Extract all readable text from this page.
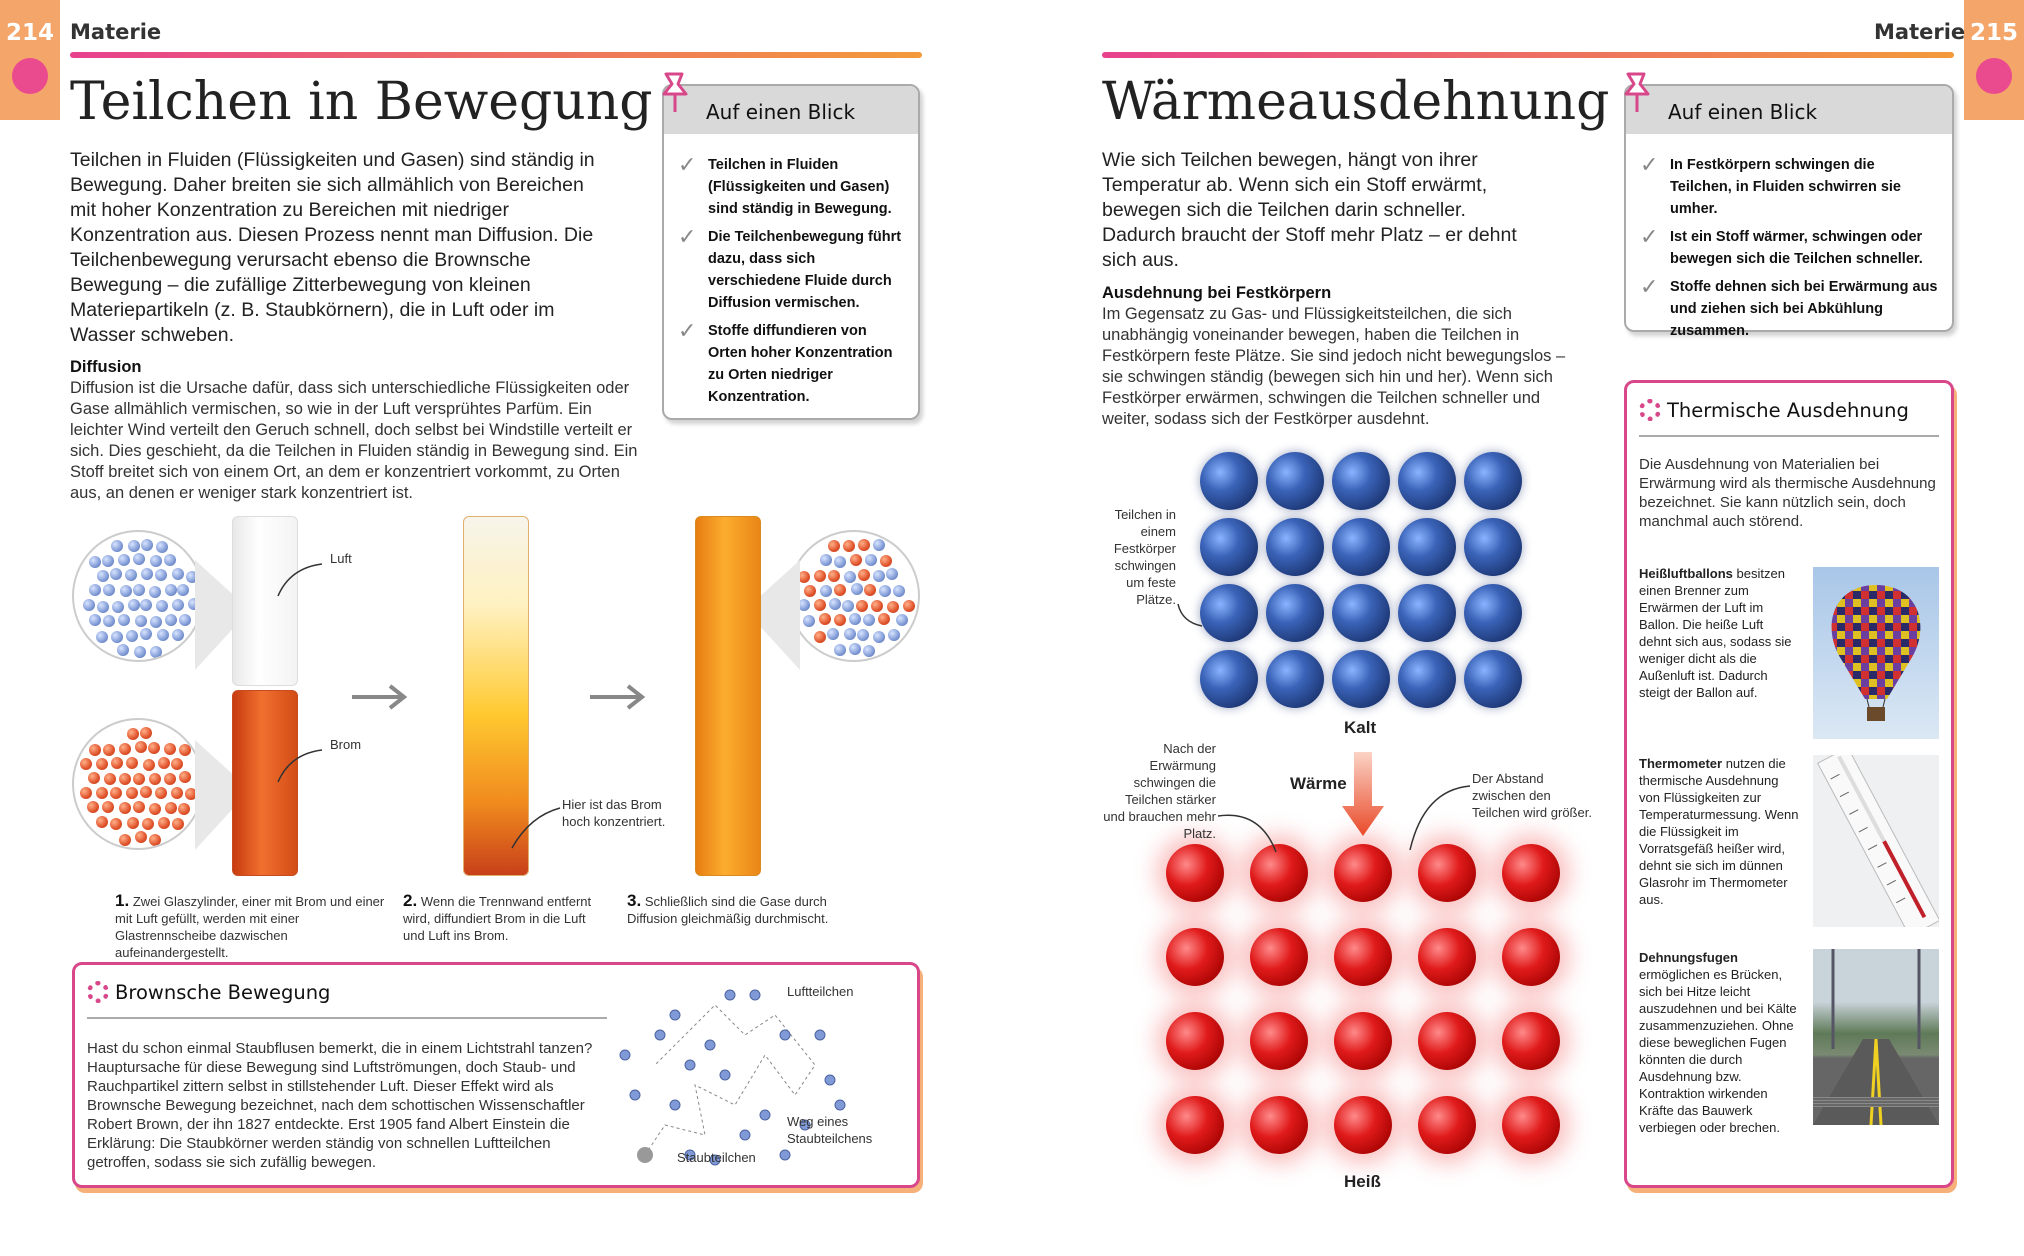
214 Materie
Teilchen in Bewegung
Teilchen in Fluiden (Flüssigkeiten und Gasen) sind ständig in Bewegung. Daher breiten sie sich allmählich von Bereichen mit hoher Konzentration zu Bereichen mit niedriger Konzentration aus. Diesen Prozess nennt man Diffusion. Die Teilchenbewegung verursacht ebenso die Brownsche Bewegung – die zufällige Zitterbewegung von kleinen Materiepartikeln (z. B. Staubkörnern), die in Luft oder im Wasser schweben.
Diffusion
Diffusion ist die Ursache dafür, dass sich unterschiedliche Flüssigkeiten oder Gase allmählich vermischen, so wie in der Luft versprühtes Parfüm. Ein leichter Wind verteilt den Geruch schnell, doch selbst bei Windstille verteilt er sich. Dies geschieht, da die Teilchen in Fluiden ständig in Bewegung sind. Ein Stoff breitet sich von einem Ort, an dem er konzentriert vorkommt, zu Orten aus, an denen er weniger stark konzentriert ist.
Auf einen Blick
✓ Teilchen in Fluiden (Flüssigkeiten und Gasen) sind ständig in Bewegung.
✓ Die Teilchenbewegung führt dazu, dass sich verschiedene Fluide durch Diffusion vermischen.
✓ Stoffe diffundieren von Orten hoher Konzentration zu Orten niedriger Konzentration.
Luft
Brom
Hier ist das Brom hoch konzentriert.
1. Zwei Glaszylinder, einer mit Brom und einer mit Luft gefüllt, werden mit einer Glastrennscheibe dazwischen aufeinandergestellt.
2. Wenn die Trennwand entfernt wird, diffundiert Brom in die Luft und Luft ins Brom.
3. Schließlich sind die Gase durch Diffusion gleichmäßig durchmischt.
Brownsche Bewegung
Hast du schon einmal Staubflusen bemerkt, die in einem Lichtstrahl tanzen? Hauptursache für diese Bewegung sind Luftströmungen, doch Staub- und Rauchpartikel zittern selbst in stillstehender Luft. Dieser Effekt wird als Brownsche Bewegung bezeichnet, nach dem schottischen Wissenschaftler Robert Brown, der ihn 1827 entdeckte. Erst 1905 fand Albert Einstein die Erklärung: Die Staubkörner werden ständig von schnellen Luftteilchen getroffen, sodass sie sich zufällig bewegen.
Luftteilchen
Weg eines Staubteilchens
Staubteilchen
215
Materie
Wärmeausdehnung
Wie sich Teilchen bewegen, hängt von ihrer Temperatur ab. Wenn sich ein Stoff erwärmt, bewegen sich die Teilchen darin schneller. Dadurch braucht der Stoff mehr Platz – er dehnt sich aus.
Ausdehnung bei Festkörpern
Im Gegensatz zu Gas- und Flüssigkeitsteilchen, die sich unabhängig voneinander bewegen, haben die Teilchen in Festkörpern feste Plätze. Sie sind jedoch nicht bewegungslos – sie schwingen ständig (bewegen sich hin und her). Wenn sich Festkörper erwärmen, schwingen die Teilchen schneller und weiter, sodass sich der Festkörper ausdehnt.
Auf einen Blick
✓ In Festkörpern schwingen die Teilchen, in Fluiden schwirren sie umher.
✓ Ist ein Stoff wärmer, schwingen oder bewegen sich die Teilchen schneller.
✓ Stoffe dehnen sich bei Erwärmung aus und ziehen sich bei Abkühlung zusammen.
Teilchen in einem Festkörper schwingen um feste Plätze.
Kalt
Wärme
Heiß
Nach der Erwärmung schwingen die Teilchen stärker und brauchen mehr Platz.
Der Abstand zwischen den Teilchen wird größer.
Thermische Ausdehnung
Die Ausdehnung von Materialien bei Erwärmung wird als thermische Ausdehnung bezeichnet. Sie kann nützlich sein, doch manchmal auch störend.
Heißluftballons besitzen einen Brenner zum Erwärmen der Luft im Ballon. Die heiße Luft dehnt sich aus, sodass sie weniger dicht als die Außenluft ist. Dadurch steigt der Ballon auf.
Thermometer nutzen die thermische Ausdehnung von Flüssigkeiten zur Temperaturmessung. Wenn die Flüssigkeit im Vorratsgefäß heißer wird, dehnt sie sich im dünnen Glasrohr im Thermometer aus.
Dehnungsfugen ermöglichen es Brücken, sich bei Hitze leicht auszudehnen und bei Kälte zusammenzuziehen. Ohne diese beweglichen Fugen könnten die durch Ausdehnung bzw. Kontraktion wirkenden Kräfte das Bauwerk verbiegen oder brechen.
